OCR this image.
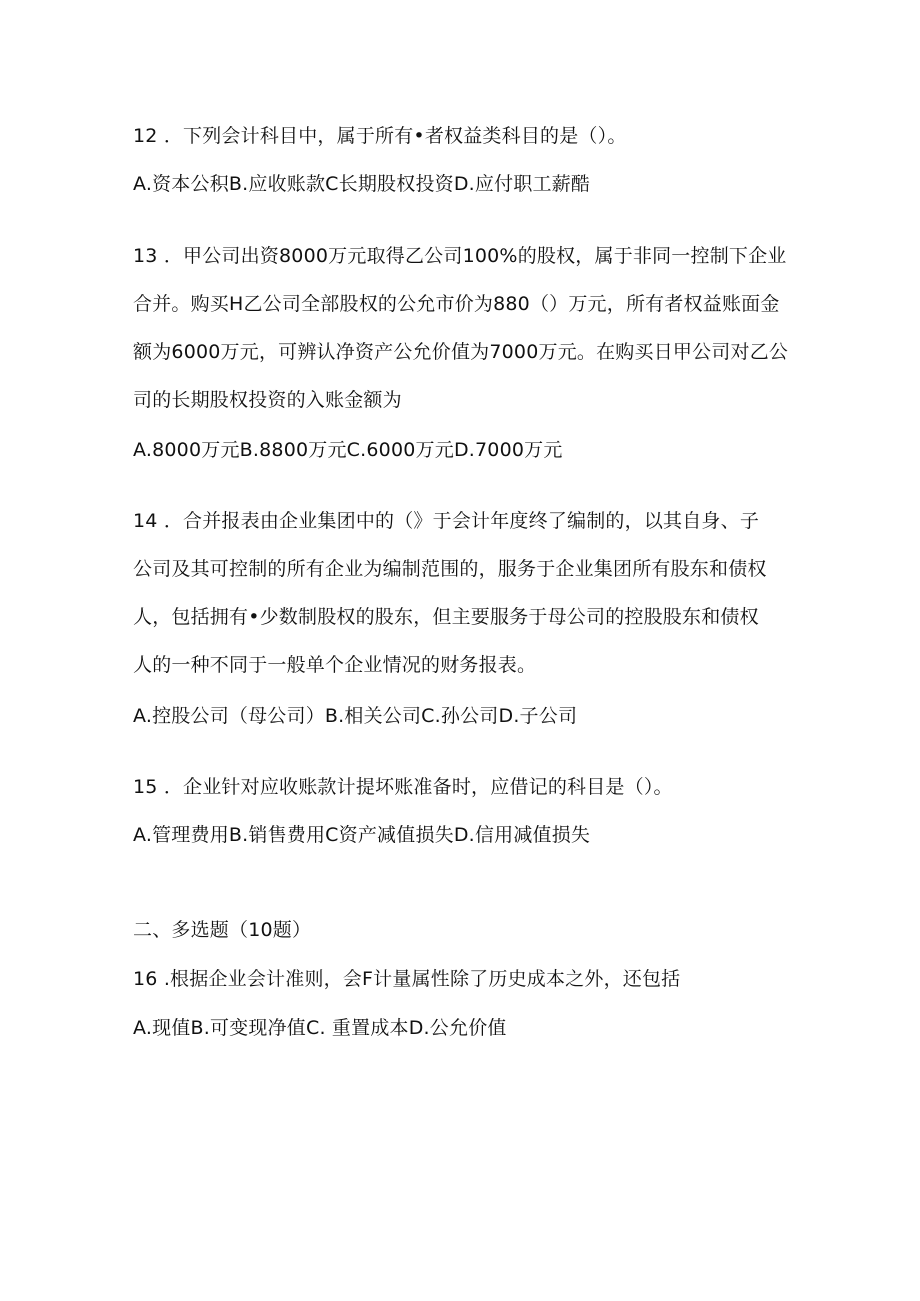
12 ．下列会计科目中，属于所有•者权益类科目的是（）。
A.资本公积B.应收账款C长期股权投资D.应付职工薪酷
13 ．甲公司出资8000万元取得乙公司100%的股权，属于非同一控制下企业
合并。购买H乙公司全部股权的公允市价为880（）万元，所有者权益账面金
额为6000万元，可辨认净资产公允价值为7000万元。在购买日甲公司对乙公
司的长期股权投资的入账金额为
A.8000万元B.8800万元C.6000万元D.7000万元
14 ．合并报表由企业集团中的（》于会计年度终了编制的，以其自身、子
公司及其可控制的所有企业为编制范围的，服务于企业集团所有股东和债权
人，包括拥有•少数制股权的股东，但主要服务于母公司的控股股东和债权
人的一种不同于一般单个企业情况的财务报表。
A.控股公司（母公司）B.相关公司C.孙公司D.子公司
15 ．企业针对应收账款计提坏账准备时，应借记的科目是（）。
A.管理费用B.销售费用C资产减值损失D.信用减值损失
二、多选题（10题）
16 .根据企业会计准则，会F计量属性除了历史成本之外，还包括
A.现值B.可变现净值C. 重置成本D.公允价值
